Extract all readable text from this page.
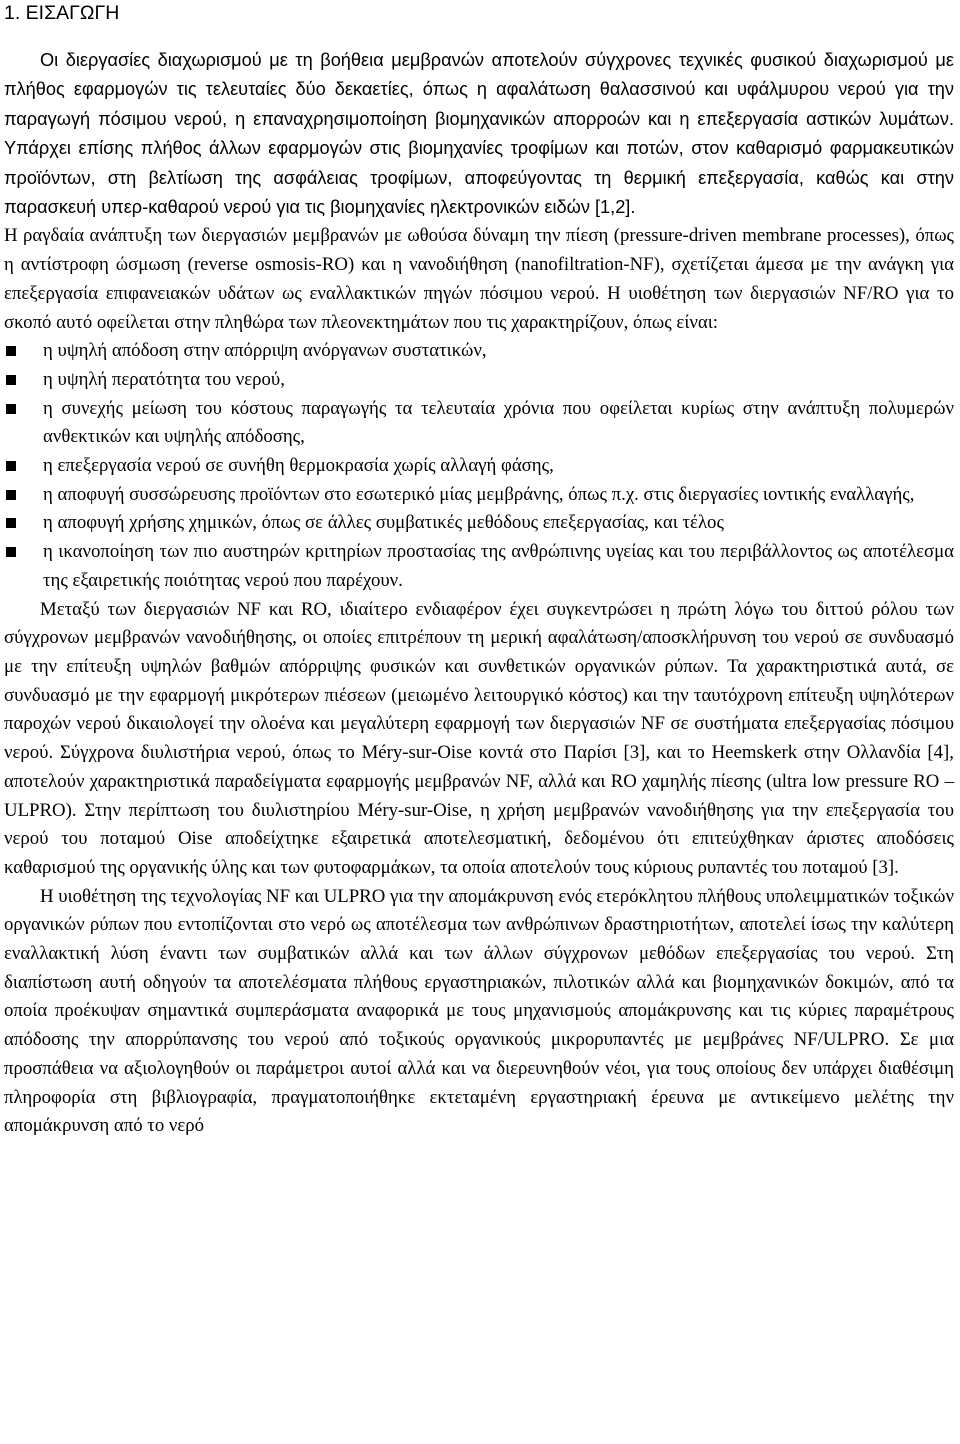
1. ΕΙΣΑΓΩΓΗ
Οι διεργασίες διαχωρισμού με τη βοήθεια μεμβρανών αποτελούν σύγχρονες τεχνικές φυσικού διαχωρισμού με πλήθος εφαρμογών τις τελευταίες δύο δεκαετίες, όπως η αφαλάτωση θαλασσινού και υφάλμυρου νερού για την παραγωγή πόσιμου νερού, η επαναχρησιμοποίηση βιομηχανικών απορροών και η επεξεργασία αστικών λυμάτων. Υπάρχει επίσης πλήθος άλλων εφαρμογών στις βιομηχανίες τροφίμων και ποτών, στον καθαρισμό φαρμακευτικών προϊόντων, στη βελτίωση της ασφάλειας τροφίμων, αποφεύγοντας τη θερμική επεξεργασία, καθώς και στην παρασκευή υπερ-καθαρού νερού για τις βιομηχανίες ηλεκτρονικών ειδών [1,2].

Η ραγδαία ανάπτυξη των διεργασιών μεμβρανών με ωθούσα δύναμη την πίεση (pressure-driven membrane processes), όπως η αντίστροφη ώσμωση (reverse osmosis-RO) και η νανοδιήθηση (nanofiltration-NF), σχετίζεται άμεσα με την ανάγκη για επεξεργασία επιφανειακών υδάτων ως εναλλακτικών πηγών πόσιμου νερού. Η υιοθέτηση των διεργασιών NF/RO για το σκοπό αυτό οφείλεται στην πληθώρα των πλεονεκτημάτων που τις χαρακτηρίζουν, όπως είναι:

η υψηλή απόδοση στην απόρριψη ανόργανων συστατικών,
η υψηλή περατότητα του νερού,
η συνεχής μείωση του κόστους παραγωγής τα τελευταία χρόνια που οφείλεται κυρίως στην ανάπτυξη πολυμερών ανθεκτικών και υψηλής απόδοσης,
η επεξεργασία νερού σε συνήθη θερμοκρασία χωρίς αλλαγή φάσης,
η αποφυγή συσσώρευσης προϊόντων στο εσωτερικό μίας μεμβράνης, όπως π.χ. στις διεργασίες ιοντικής εναλλαγής,
η αποφυγή χρήσης χημικών, όπως σε άλλες συμβατικές μεθόδους επεξεργασίας, και τέλος
η ικανοποίηση των πιο αυστηρών κριτηρίων προστασίας της ανθρώπινης υγείας και του περιβάλλοντος ως αποτέλεσμα της εξαιρετικής ποιότητας νερού που παρέχουν.

Μεταξύ των διεργασιών NF και RO, ιδιαίτερο ενδιαφέρον έχει συγκεντρώσει η πρώτη λόγω του διττού ρόλου των σύγχρονων μεμβρανών νανοδιήθησης, οι οποίες επιτρέπουν τη μερική αφαλάτωση/αποσκλήρυνση του νερού σε συνδυασμό με την επίτευξη υψηλών βαθμών απόρριψης φυσικών και συνθετικών οργανικών ρύπων. Τα χαρακτηριστικά αυτά, σε συνδυασμό με την εφαρμογή μικρότερων πιέσεων (μειωμένο λειτουργικό κόστος) και την ταυτόχρονη επίτευξη υψηλότερων παροχών νερού δικαιολογεί την ολοένα και μεγαλύτερη εφαρμογή των διεργασιών NF σε συστήματα επεξεργασίας πόσιμου νερού. Σύγχρονα διυλιστήρια νερού, όπως το Méry-sur-Oise κοντά στο Παρίσι [3], και το Heemskerk στην Ολλανδία [4], αποτελούν χαρακτηριστικά παραδείγματα εφαρμογής μεμβρανών NF, αλλά και RO χαμηλής πίεσης (ultra low pressure RO – ULPRO). Στην περίπτωση του διυλιστηρίου Méry-sur-Oise, η χρήση μεμβρανών νανοδιήθησης για την επεξεργασία του νερού του ποταμού Oise αποδείχτηκε εξαιρετικά αποτελεσματική, δεδομένου ότι επιτεύχθηκαν άριστες αποδόσεις καθαρισμού της οργανικής ύλης και των φυτοφαρμάκων, τα οποία αποτελούν τους κύριους ρυπαντές του ποταμού [3].

Η υιοθέτηση της τεχνολογίας NF και ULPRO για την απομάκρυνση ενός ετερόκλητου πλήθους υπολειμματικών τοξικών οργανικών ρύπων που εντοπίζονται στο νερό ως αποτέλεσμα των ανθρώπινων δραστηριοτήτων, αποτελεί ίσως την καλύτερη εναλλακτική λύση έναντι των συμβατικών αλλά και των άλλων σύγχρονων μεθόδων επεξεργασίας του νερού. Στη διαπίστωση αυτή οδηγούν τα αποτελέσματα πλήθους εργαστηριακών, πιλοτικών αλλά και βιομηχανικών δοκιμών, από τα οποία προέκυψαν σημαντικά συμπεράσματα αναφορικά με τους μηχανισμούς απομάκρυνσης και τις κύριες παραμέτρους απόδοσης την απορρύπανσης του νερού από τοξικούς οργανικούς μικρορυπαντές με μεμβράνες NF/ULPRO. Σε μια προσπάθεια να αξιολογηθούν οι παράμετροι αυτοί αλλά και να διερευνηθούν νέοι, για τους οποίους δεν υπάρχει διαθέσιμη πληροφορία στη βιβλιογραφία, πραγματοποιήθηκε εκτεταμένη εργαστηριακή έρευνα με αντικείμενο μελέτης την απομάκρυνση από το νερό
